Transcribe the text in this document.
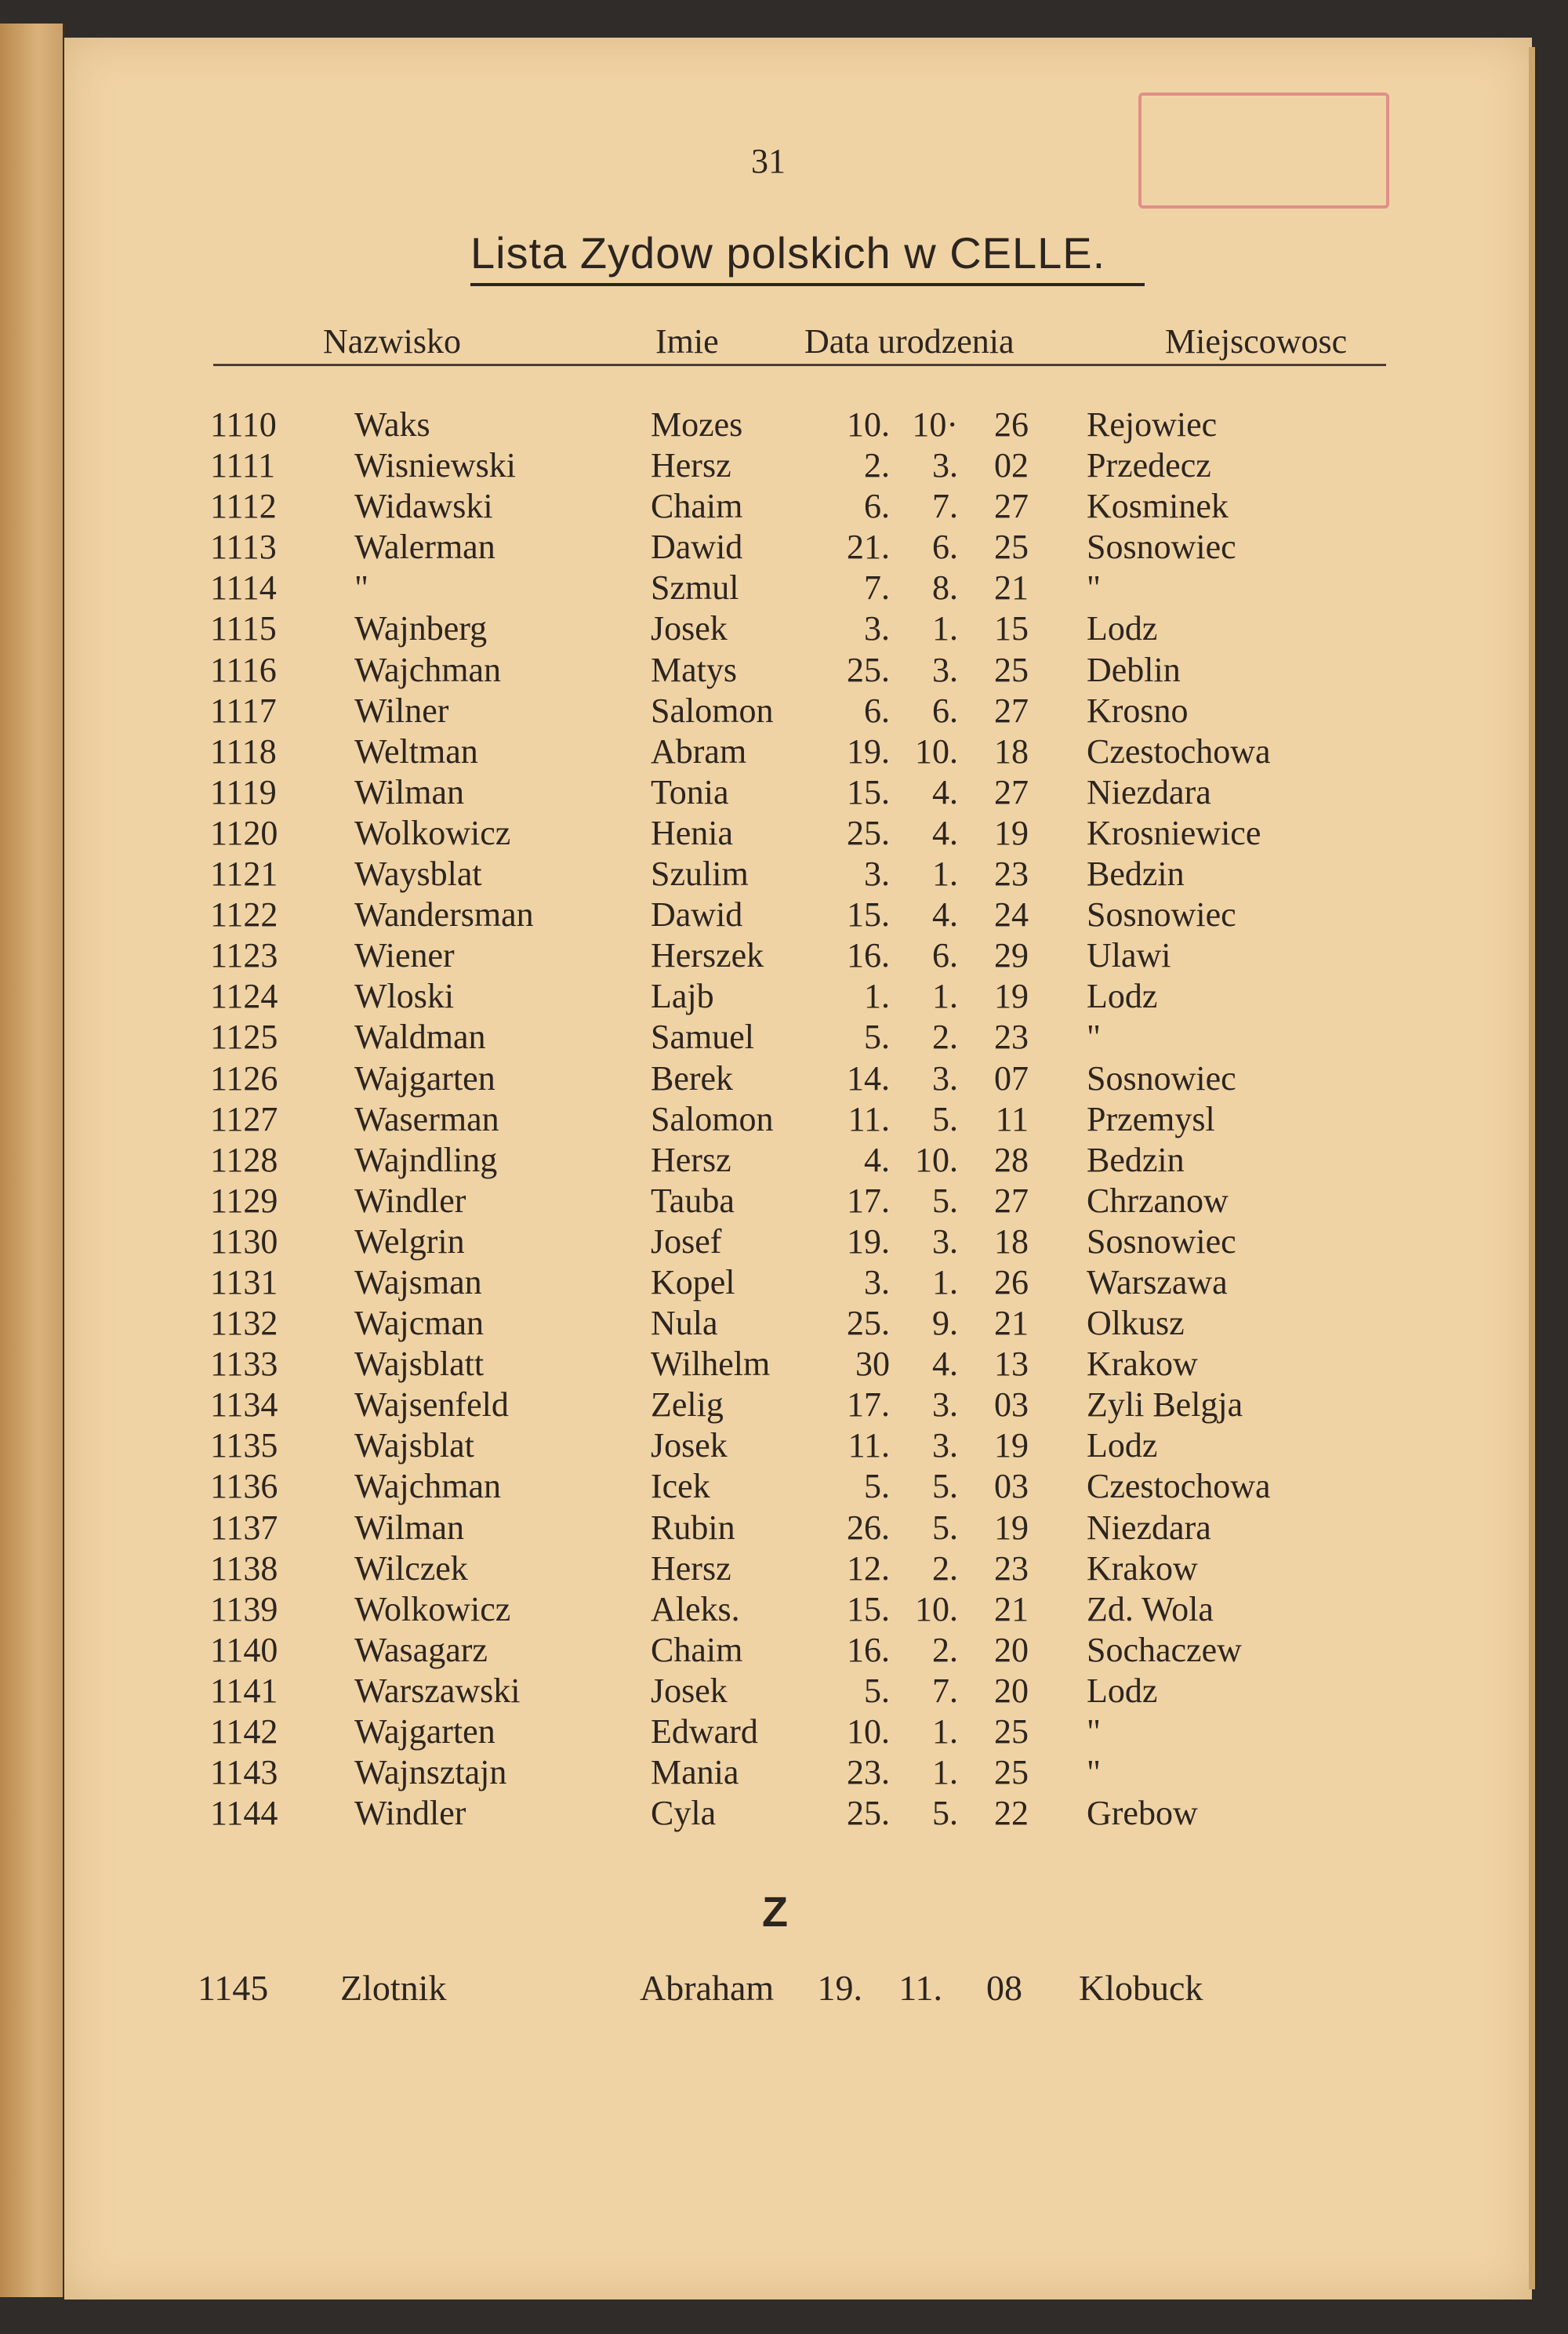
31
Lista Zydow polskich w CELLE.
Nazwisko	Imie Data urodzenia	Miejscowosc
1110 Waks	Mozes	10. 10·	26 Rejowiec
1111 Wisniewski	Hersz	2.	3.	02 Przedecz
1112 Widawski	Chaim	6.	7.	27 Kosminek
1113 Walerman	Dawid	21.	6.	25 Sosnowiec
1114 "	Szmul	7.	8.	21 "
1115 Wajnberg	Josek	3.	1.	15 Lodz
1116 Wajchman	Matys	25.	3.	25 Deblin
1117 Wilner	Salomon	6.	6.	27 Krosno
1118 Weltman	Abram	19. 10.	18 Czestochowa
1119 Wilman	Tonia	15.	4.	27 Niezdara
1120 Wolkowicz	Henia	25.	4.	19 Krosniewice
1121 Waysblat	Szulim	3.	1.	23 Bedzin
1122 Wandersman	Dawid	15.	4.	24 Sosnowiec
1123 Wiener	Herszek	16.	6.	29 Ulawi
1124 Wloski	Lajb	1.	1.	19 Lodz
1125 Waldman	Samuel	5.	2.	23 "
1126 Wajgarten	Berek	14.	3.	07 Sosnowiec
1127 Waserman	Salomon	11.	5.	11 Przemysl
1128 Wajndling	Hersz	4. 10.	28 Bedzin
1129 Windler	Tauba	17.	5.	27 Chrzanow
1130 Welgrin	Josef	19.	3.	18 Sosnowiec
1131 Wajsman	Kopel	3.	1.	26 Warszawa
1132 Wajcman	Nula	25.	9.	21 Olkusz
1133 Wajsblatt	Wilhelm	30	4.	13 Krakow
1134 Wajsenfeld	Zelig	17.	3.	03 Zyli Belgja
1135 Wajsblat	Josek	11.	3.	19 Lodz
1136 Wajchman	Icek	5.	5.	03 Czestochowa
1137 Wilman	Rubin	26.	5.	19 Niezdara
1138 Wilczek	Hersz	12.	2.	23 Krakow
1139 Wolkowicz	Aleks.	15. 10.	21 Zd. Wola
1140 Wasagarz	Chaim	16.	2.	20 Sochaczew
1141 Warszawski	Josek	5.	7.	20 Lodz
1142 Wajgarten	Edward	10.	1.	25 "
1143 Wajnsztajn	Mania	23.	1.	25 "
1144 Windler	Cyla	25.	5.	22 Grebow
Z
1145 Zlotnik	Abraham	19.	11.	08 Klobuck
